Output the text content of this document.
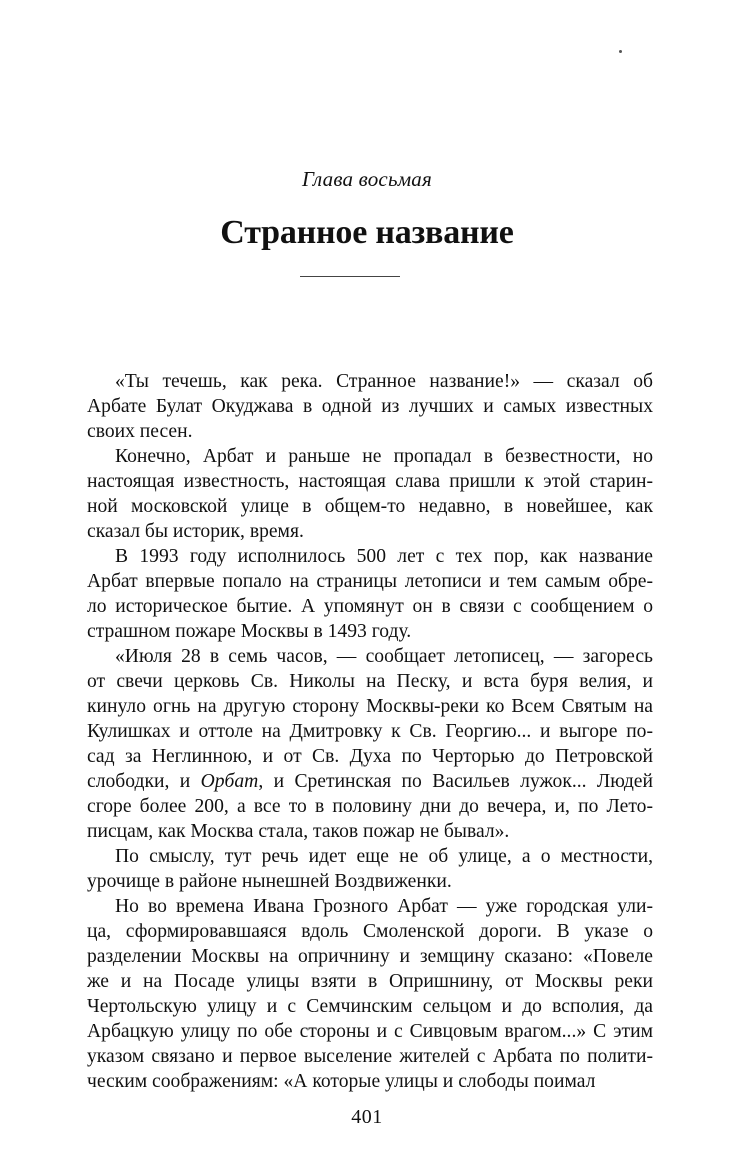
Глава восьмая
Странное название
«Ты течешь, как река. Странное название!» — сказал об
Арбате Булат Окуджава в одной из лучших и самых известных
своих песен.
Конечно, Арбат и раньше не пропадал в безвестности, но
настоящая известность, настоящая слава пришли к этой старин-
ной московской улице в общем-то недавно, в новейшее, как
сказал бы историк, время.
В 1993 году исполнилось 500 лет с тех пор, как название
Арбат впервые попало на страницы летописи и тем самым обре-
ло историческое бытие. А упомянут он в связи с сообщением о
страшном пожаре Москвы в 1493 году.
«Июля 28 в семь часов, — сообщает летописец, — загоресь
от свечи церковь Св. Николы на Песку, и вста буря велия, и
кинуло огнь на другую сторону Москвы-реки ко Всем Святым на
Кулишках и оттоле на Дмитровку к Св. Георгию... и выгоре по-
сад за Неглинною, и от Св. Духа по Черторью до Петровской
слободки, и Орбат, и Сретинская по Васильев лужок... Людей
сгоре более 200, а все то в половину дни до вечера, и, по Лето-
писцам, как Москва стала, таков пожар не бывал».
По смыслу, тут речь идет еще не об улице, а о местности,
урочище в районе нынешней Воздвиженки.
Но во времена Ивана Грозного Арбат — уже городская ули-
ца, сформировавшаяся вдоль Смоленской дороги. В указе о
разделении Москвы на опричнину и земщину сказано: «Повеле
же и на Посаде улицы взяти в Опришнину, от Москвы реки
Чертольскую улицу и с Семчинским сельцом и до всполия, да
Арбацкую улицу по обе стороны и с Сивцовым врагом...» С этим
указом связано и первое выселение жителей с Арбата по полити-
ческим соображениям: «А которые улицы и слободы поимал
401
